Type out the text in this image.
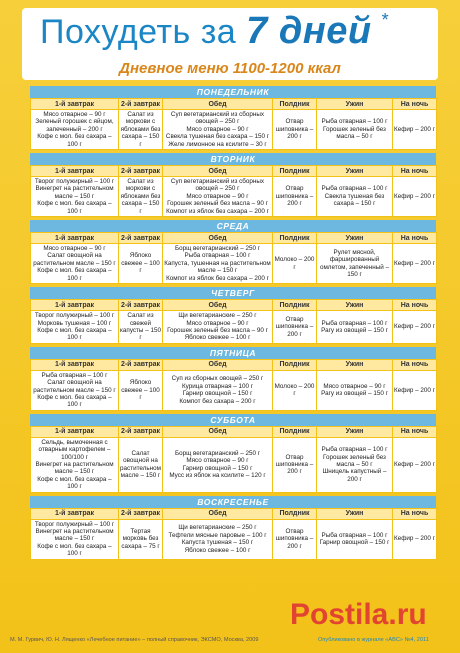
Похудеть за 7 дней *
Дневное меню 1100-1200 ккал
ПОНЕДЕЛЬНИК
1-й завтрак	2-й завтрак	Обед	Полдник	Ужин	На ночь
Мясо отварное – 90 г
Зеленый горошек с яйцом, запеченный – 200 г
Кофе с мол. без сахара – 100 г	Салат из моркови с яблоками без сахара – 150 г	Суп вегетарианский из сборных овощей – 250 г
Мясо отварное – 90 г
Свекла тушеная без сахара – 150 г
Желе лимонное на ксилите – 30 г	Отвар шиповника – 200 г	Рыба отварная – 100 г
Горошек зеленый без масла – 50 г	Кефир – 200 г
ВТОРНИК
1-й завтрак	2-й завтрак	Обед	Полдник	Ужин	На ночь
Творог полужирный – 100 г
Винегрет на растительном масле – 150 г
Кофе с мол. без сахара – 100 г	Салат из моркови с яблоками без сахара – 150 г	Суп вегетарианский из сборных овощей – 250 г
Мясо отварное – 90 г
Горошек зеленый без масла – 90 г
Компот из яблок без сахара – 200 г	Отвар шиповника – 200 г	Рыба отварная – 100 г
Свекла тушеная без сахара – 150 г	Кефир – 200 г
СРЕДА
1-й завтрак	2-й завтрак	Обед	Полдник	Ужин	На ночь
Мясо отварное – 90 г
Салат овощной на растительном масле – 150 г
Кофе с мол. без сахара – 100 г	Яблоко свежее – 100 г	Борщ вегетарианский – 250 г
Рыба отварная – 100 г
Капуста, тушенная на растительном масле – 150 г
Компот из яблок без сахара – 200 г	Молоко – 200 г	Рулет мясной, фаршированный омлетом, запеченный – 150 г	Кефир – 200 г
ЧЕТВЕРГ
1-й завтрак	2-й завтрак	Обед	Полдник	Ужин	На ночь
Творог полужирный – 100 г
Морковь тушеная – 100 г
Кофе с мол. без сахара – 100 г	Салат из свежей капусты – 150 г	Щи вегетарианские – 250 г
Мясо отварное – 90 г
Горошек зеленый без масла – 90 г
Яблоко свежее – 100 г	Отвар шиповника – 200 г	Рыба отварная – 100 г
Рагу из овощей – 150 г	Кефир – 200 г
ПЯТНИЦА
1-й завтрак	2-й завтрак	Обед	Полдник	Ужин	На ночь
Рыба отварная – 100 г
Салат овощной на растительном масле – 150 г
Кофе с мол. без сахара – 100 г	Яблоко свежее – 100 г	Суп из сборных овощей – 250 г
Курица отварная – 100 г
Гарнир овощной – 150 г
Компот без сахара – 200 г	Молоко – 200 г	Мясо отварное – 90 г
Рагу из овощей – 150 г	Кефир – 200 г
СУББОТА
1-й завтрак	2-й завтрак	Обед	Полдник	Ужин	На ночь
Сельдь, вымоченная с отварным картофелем – 100/100 г
Винегрет на растительном масле – 150 г
Кофе с мол. без сахара – 100 г	Салат овощной на растительном масле – 150 г	Борщ вегетарианский – 250 г
Мясо отварное – 90 г
Гарнир овощной – 150 г
Мусс из яблок на ксилите – 120 г	Отвар шиповника – 200 г	Рыба отварная – 100 г
Горошек зеленый без масла – 50 г
Шницель капустный – 200 г	Кефир – 200 г
ВОСКРЕСЕНЬЕ
1-й завтрак	2-й завтрак	Обед	Полдник	Ужин	На ночь
Творог полужирный – 100 г
Винегрет на растительном масле – 150 г
Кофе с мол. без сахара – 100 г	Тертая морковь без сахара – 75 г	Щи вегетарианские – 250 г
Тефтели мясные паровые – 100 г
Капуста тушеная – 150 г
Яблоко свежее – 100 г	Отвар шиповника – 200 г	Рыба отварная – 100 г
Гарнир овощной – 150 г	Кефир – 200 г
М. М. Гурвич, Ю. Н. Лященко «Лечебное питание» – полный справочник, ЭКСМО, Москва, 2009	Опубликовано в журнале «ABC» №4, 2011
Postila.ru
